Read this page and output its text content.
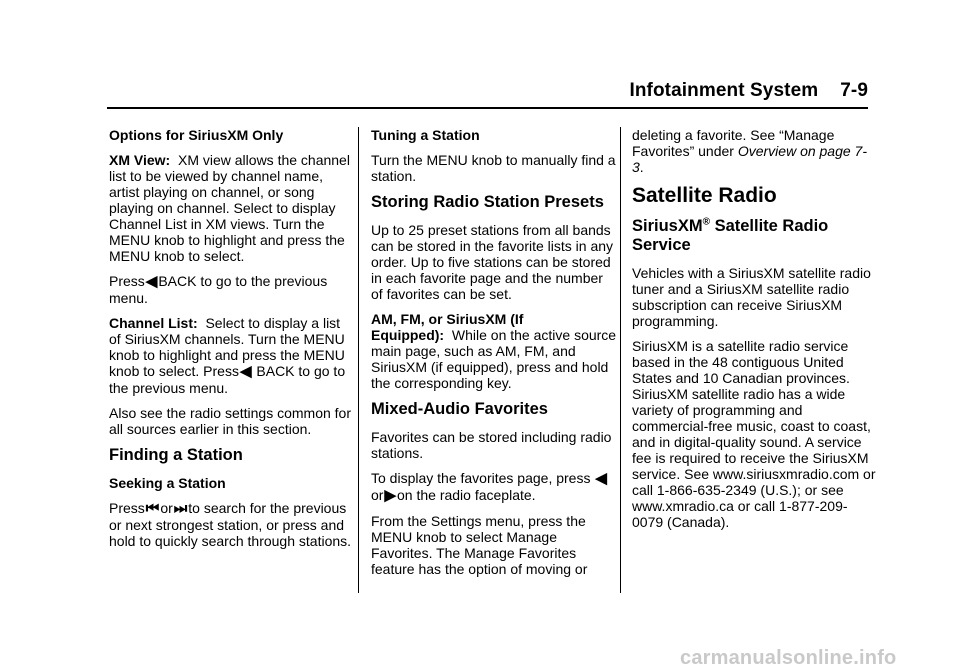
Infotainment System 7-9

Options for SiriusXM Only

XM View: XM view allows the channel list to be viewed by channel name, artist playing on channel, or song playing on channel. Select to display Channel List in XM views. Turn the MENU knob to highlight and press the MENU knob to select.

Press◀BACK to go to the previous menu.

Channel List: Select to display a list of SiriusXM channels. Turn the MENU knob to highlight and press the MENU knob to select. Press◀ BACK to go to the previous menu.

Also see the radio settings common for all sources earlier in this section.

Finding a Station
Seeking a Station

Press⏮or⏭to search for the previous or next strongest station, or press and hold to quickly search through stations.

Tuning a Station

Turn the MENU knob to manually find a station.

Storing Radio Station Presets

Up to 25 preset stations from all bands can be stored in the favorite lists in any order. Up to five stations can be stored in each favorite page and the number of favorites can be set.

AM, FM, or SiriusXM (If Equipped): While on the active source main page, such as AM, FM, and SiriusXM (if equipped), press and hold the corresponding key.

Mixed-Audio Favorites

Favorites can be stored including radio stations.

To display the favorites page, press ◀or▶on the radio faceplate.

From the Settings menu, press the MENU knob to select Manage Favorites. The Manage Favorites feature has the option of moving or

deleting a favorite. See “Manage Favorites” under Overview on page 7-3.

Satellite Radio
SiriusXM® Satellite Radio Service

Vehicles with a SiriusXM satellite radio tuner and a SiriusXM satellite radio subscription can receive SiriusXM programming.

SiriusXM is a satellite radio service based in the 48 contiguous United States and 10 Canadian provinces. SiriusXM satellite radio has a wide variety of programming and commercial-free music, coast to coast, and in digital-quality sound. A service fee is required to receive the SiriusXM service. See www.siriusxmradio.com or call 1-866-635-2349 (U.S.); or see www.xmradio.ca or call 1-877-209-0079 (Canada).

carmanualsonline.info
